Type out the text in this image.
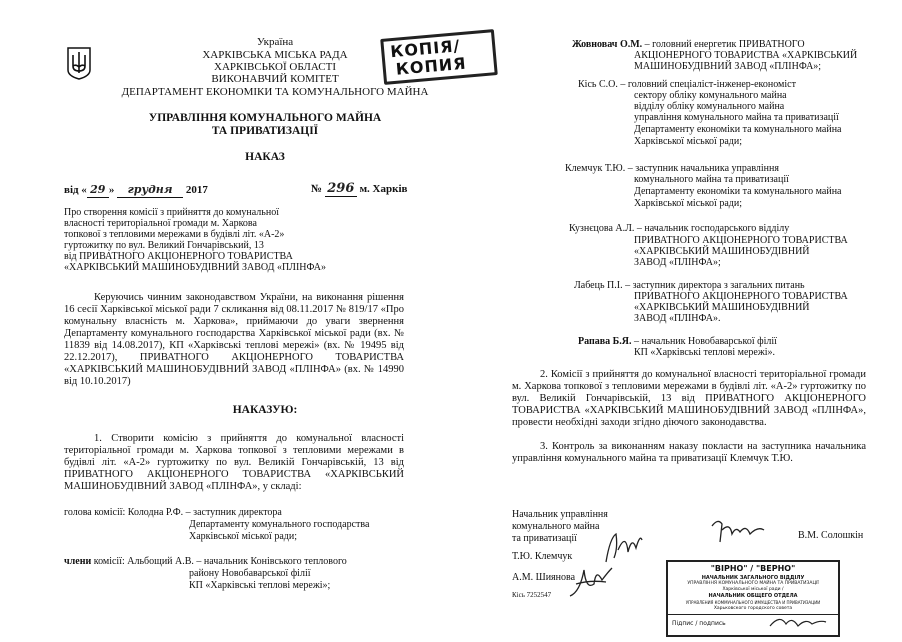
Україна
ХАРКІВСЬКА МІСЬКА РАДА
ХАРКІВСЬКОЇ ОБЛАСТІ
ВИКОНАВЧИЙ КОМІТЕТ
ДЕПАРТАМЕНТ ЕКОНОМІКИ ТА КОМУНАЛЬНОГО МАЙНА
КОПІЯ/
КОПИЯ
УПРАВЛІННЯ КОМУНАЛЬНОГО МАЙНА
ТА ПРИВАТИЗАЦІЇ
НАКАЗ
від « 29 » грудня 2017	№ 296 м. Харків
Про створення комісії з прийняття до комунальної
власності територіальної громади м. Харкова
топкової з тепловими мережами в будівлі літ. «А-2»
гуртожитку по вул. Великий Гончарівський, 13
від ПРИВАТНОГО АКЦІОНЕРНОГО ТОВАРИСТВА
«ХАРКІВСЬКИЙ МАШИНОБУДІВНИЙ ЗАВОД «ПЛІНФА»
Керуючись чинним законодавством України, на виконання рішення 16 сесії Харківської міської ради 7 скликання від 08.11.2017 № 819/17 «Про комунальну власність м. Харкова», приймаючи до уваги звернення Департаменту комунального господарства Харківської міської ради (вх. № 11839 від 14.08.2017), КП «Харківські теплові мережі» (вх. № 19495 від 22.12.2017), ПРИВАТНОГО АКЦІОНЕРНОГО ТОВАРИСТВА «ХАРКІВСЬКИЙ МАШИНОБУДІВНИЙ ЗАВОД «ПЛІНФА» (вх. № 14990 від 10.10.2017)
НАКАЗУЮ:
1. Створити комісію з прийняття до комунальної власності територіальної громади м. Харкова топкової з тепловими мережами в будівлі літ. «А-2» гуртожитку по вул. Великій Гончарівській, 13 від ПРИВАТНОГО АКЦІОНЕРНОГО ТОВАРИСТВА «ХАРКІВСЬКИЙ МАШИНОБУДІВНИЙ ЗАВОД «ПЛІНФА», у складі:
голова комісії: Колодна Р.Ф. – заступник директора
Департаменту комунального господарства
Харківської міської ради;
члени комісії: Альбощий А.В. – начальник Конівського теплового
району Новобаварської філії
КП «Харківські теплові мережі»;
Жовновач О.М. – головний енергетик ПРИВАТНОГО
АКЦІОНЕРНОГО ТОВАРИСТВА «ХАРКІВСЬКИЙ
МАШИНОБУДІВНИЙ ЗАВОД «ПЛІНФА»;
Кісь С.О. – головний спеціаліст-інженер-економіст
сектору обліку комунального майна
відділу обліку комунального майна
управління комунального майна та приватизації
Департаменту економіки та комунального майна
Харківської міської ради;
Клемчук Т.Ю. – заступник начальника управління
комунального майна та приватизації
Департаменту економіки та комунального майна
Харківської міської ради;
Кузнєцова А.Л. – начальник господарського відділу
ПРИВАТНОГО АКЦІОНЕРНОГО ТОВАРИСТВА
«ХАРКІВСЬКИЙ МАШИНОБУДІВНИЙ
ЗАВОД «ПЛІНФА»;
Лабець П.І. – заступник директора з загальних питань
ПРИВАТНОГО АКЦІОНЕРНОГО ТОВАРИСТВА
«ХАРКІВСЬКИЙ МАШИНОБУДІВНИЙ
ЗАВОД «ПЛІНФА».
Рапава Б.Я. – начальник Новобаварської філії
КП «Харківські теплові мережі».
2. Комісії з прийняття до комунальної власності територіальної громади м. Харкова топкової з тепловими мережами в будівлі літ. «А-2» гуртожитку по вул. Великій Гончарівській, 13 від ПРИВАТНОГО АКЦІОНЕРНОГО ТОВАРИСТВА «ХАРКІВСЬКИЙ МАШИНОБУДІВНИЙ ЗАВОД «ПЛІНФА», провести необхідні заходи згідно діючого законодавства.
3. Контроль за виконанням наказу покласти на заступника начальника управління комунального майна та приватизації Клемчук Т.Ю.
Начальник управління
комунального майна
та приватизації	В.М. Солошкін
Т.Ю. Клемчук
А.М. Шиянова
Кісь 7252547
"ВІРНО" / "ВЕРНО"
НАЧАЛЬНИК ЗАГАЛЬНОГО ВІДДІЛУ
УПРАВЛІННЯ КОМУНАЛЬНОГО МАЙНА ТА ПРИВАТИЗАЦІЇ
Харківської міської ради /
НАЧАЛЬНИК ОБЩЕГО ОТДЕЛА
УПРАВЛЕНИЯ КОММУНАЛЬНОГО ИМУЩЕСТВА И ПРИВАТИЗАЦИИ
Харьковского городского совета
Підпис / подпись
